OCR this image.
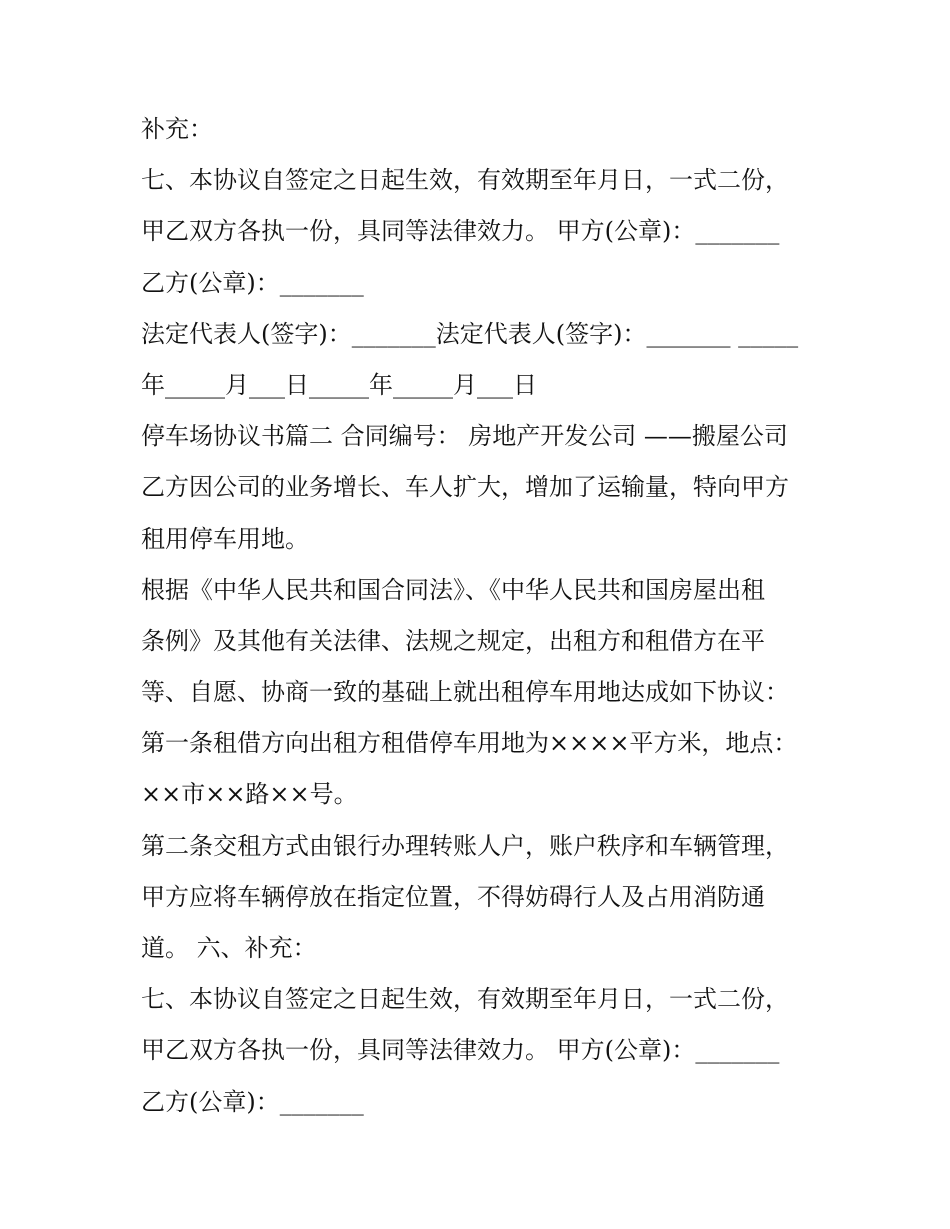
补充：
七、本协议自签定之日起生效，有效期至年月日，一式二份，
甲乙双方各执一份，具同等法律效力。 甲方(公章)：_______
乙方(公章)：_______
法定代表人(签字)：_______法定代表人(签字)：_______ _____
年_____月___日_____年_____月___日
停车场协议书篇二 合同编号： 房地产开发公司 ——搬屋公司
乙方因公司的业务增长、车人扩大，增加了运输量，特向甲方
租用停车用地。
根据《中华人民共和国合同法》、《中华人民共和国房屋出租
条例》及其他有关法律、法规之规定，出租方和租借方在平
等、自愿、协商一致的基础上就出租停车用地达成如下协议：
第一条租借方向出租方租借停车用地为××××平方米，地点：
××市××路××号。
第二条交租方式由银行办理转账人户，账户秩序和车辆管理，
甲方应将车辆停放在指定位置，不得妨碍行人及占用消防通
道。 六、补充：
七、本协议自签定之日起生效，有效期至年月日，一式二份，
甲乙双方各执一份，具同等法律效力。 甲方(公章)：_______
乙方(公章)：_______
